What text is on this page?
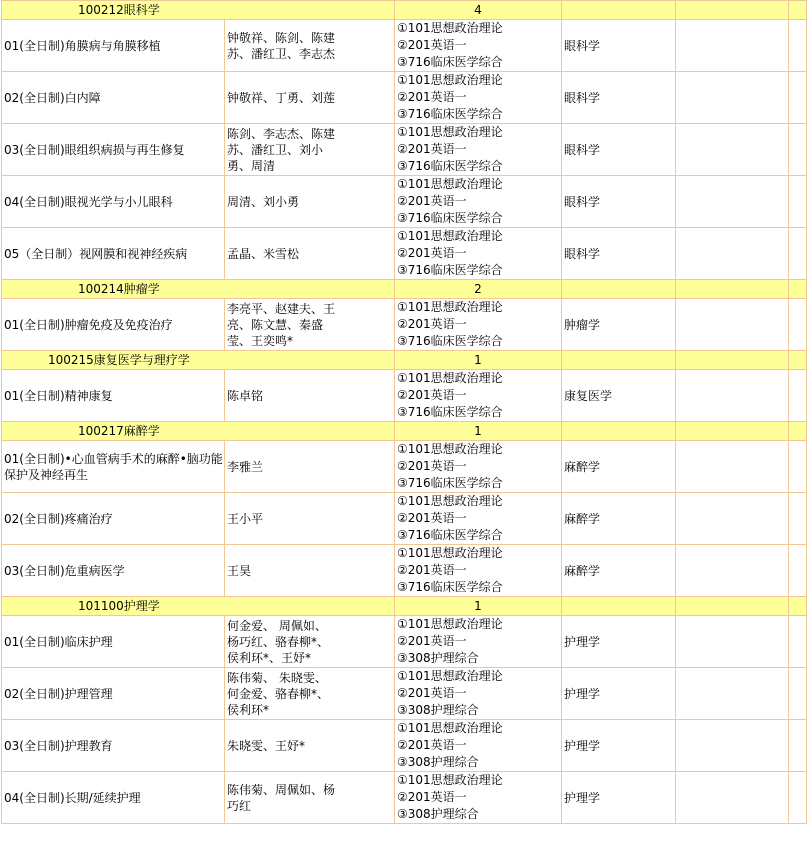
100212眼科学		4			
01(全日制)角膜病与角膜移植	钟敬祥、陈剑、陈建
苏、潘红卫、李志杰	①101思想政治理论
②201英语一
③716临床医学综合	眼科学		
02(全日制)白内障	钟敬祥、丁勇、刘莲	①101思想政治理论
②201英语一
③716临床医学综合	眼科学		
03(全日制)眼组织病损与再生修复	陈剑、李志杰、陈建
苏、潘红卫、刘小
勇、周清	①101思想政治理论
②201英语一
③716临床医学综合	眼科学		
04(全日制)眼视光学与小儿眼科	周清、刘小勇	①101思想政治理论
②201英语一
③716临床医学综合	眼科学		
05（全日制）视网膜和视神经疾病	孟晶、米雪松	①101思想政治理论
②201英语一
③716临床医学综合	眼科学		
100214肿瘤学		2			
01(全日制)肿瘤免疫及免疫治疗	李亮平、赵建夫、王
亮、陈文慧、秦盛
莹、王奕鸣*	①101思想政治理论
②201英语一
③716临床医学综合	肿瘤学		
100215康复医学与理疗学		1			
01(全日制)精神康复	陈卓铭	①101思想政治理论
②201英语一
③716临床医学综合	康复医学		
100217麻醉学		1			

01(全日制)•心血管病手术的麻醉•脑功能
保护及神经再生	李雅兰	①101思想政治理论
②201英语一
③716临床医学综合	麻醉学		
02(全日制)疼痛治疗	王小平	①101思想政治理论
②201英语一
③716临床医学综合	麻醉学		
03(全日制)危重病医学	王昊	①101思想政治理论
②201英语一
③716临床医学综合	麻醉学		
101100护理学		1			
01(全日制)临床护理	何金爱、 周佩如、
杨巧红、骆春柳*、
侯利环*、王妤*	①101思想政治理论
②201英语一
③308护理综合	护理学		
02(全日制)护理管理	陈伟菊、 朱晓雯、
何金爱、骆春柳*、
侯利环*	①101思想政治理论
②201英语一
③308护理综合	护理学		
03(全日制)护理教育	朱晓雯、王妤*	①101思想政治理论
②201英语一
③308护理综合	护理学		
04(全日制)长期/延续护理	陈伟菊、周佩如、杨
巧红	①101思想政治理论
②201英语一
③308护理综合	护理学		
